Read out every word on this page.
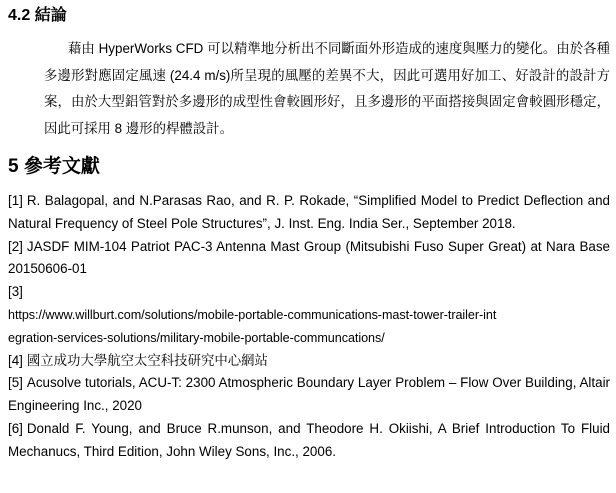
4.2 結論
藉由 HyperWorks CFD 可以精準地分析出不同斷面外形造成的速度與壓力的變化。由於各種多邊形對應固定風速 (24.4 m/s)所呈現的風壓的差異不大，因此可選用好加工、好設計的設計方案，由於大型鋁管對於多邊形的成型性會較圓形好，且多邊形的平面搭接與固定會較圓形穩定，因此可採用 8 邊形的桿體設計。
5 參考文獻
[1] R. Balagopal, and N.Parasas Rao, and R. P. Rokade, “Simplified Model to Predict Deflection and Natural Frequency of Steel Pole Structures”, J. Inst. Eng. India Ser., September 2018.
[2] JASDF MIM-104 Patriot PAC-3 Antenna Mast Group (Mitsubishi Fuso Super Great) at Nara Base 20150606-01
[3]
https://www.willburt.com/solutions/mobile-portable-communications-mast-tower-trailer-int
egration-services-solutions/military-mobile-portable-communcations/
[4] 國立成功大學航空太空科技研究中心網站
[5] Acusolve tutorials, ACU-T: 2300 Atmospheric Boundary Layer Problem – Flow Over Building, Altair Engineering Inc., 2020
[6] Donald F. Young, and Bruce R.munson, and Theodore H. Okiishi, A Brief Introduction To Fluid Mechanucs, Third Edition, John Wiley Sons, Inc., 2006.
